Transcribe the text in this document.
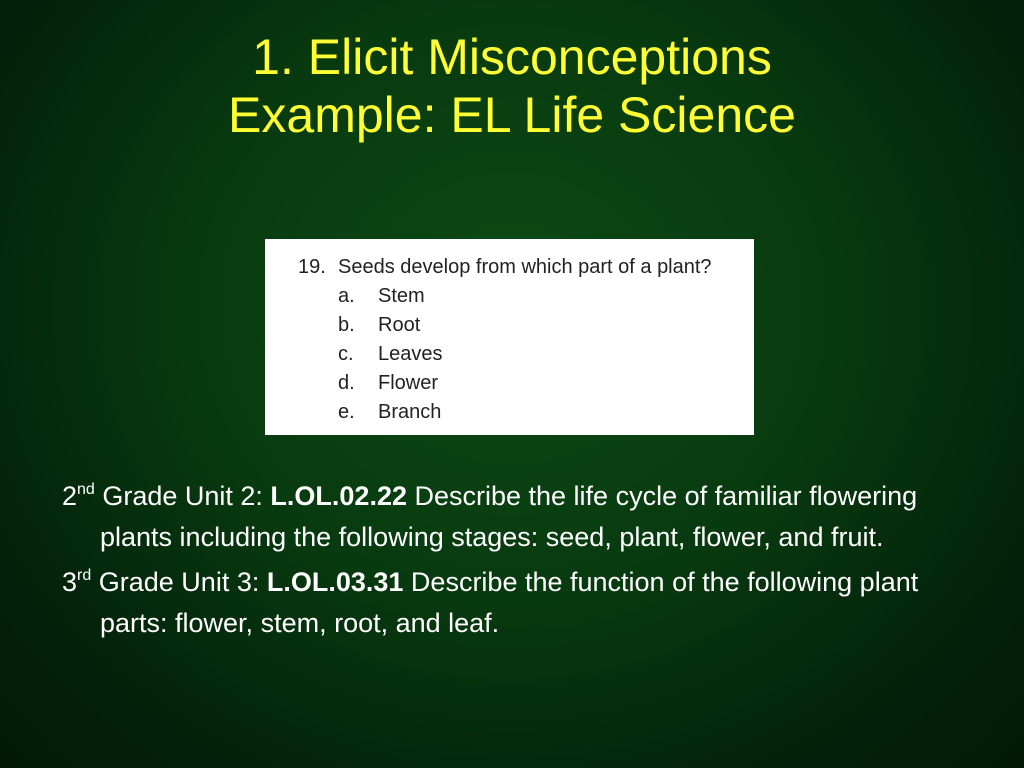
1. Elicit Misconceptions
Example: EL Life Science
19. Seeds develop from which part of a plant?
a. Stem
b. Root
c. Leaves
d. Flower
e. Branch

2nd Grade Unit 2: L.OL.02.22 Describe the life cycle of familiar flowering plants including the following stages: seed, plant, flower, and fruit.

3rd Grade Unit 3: L.OL.03.31 Describe the function of the following plant parts: flower, stem, root, and leaf.
